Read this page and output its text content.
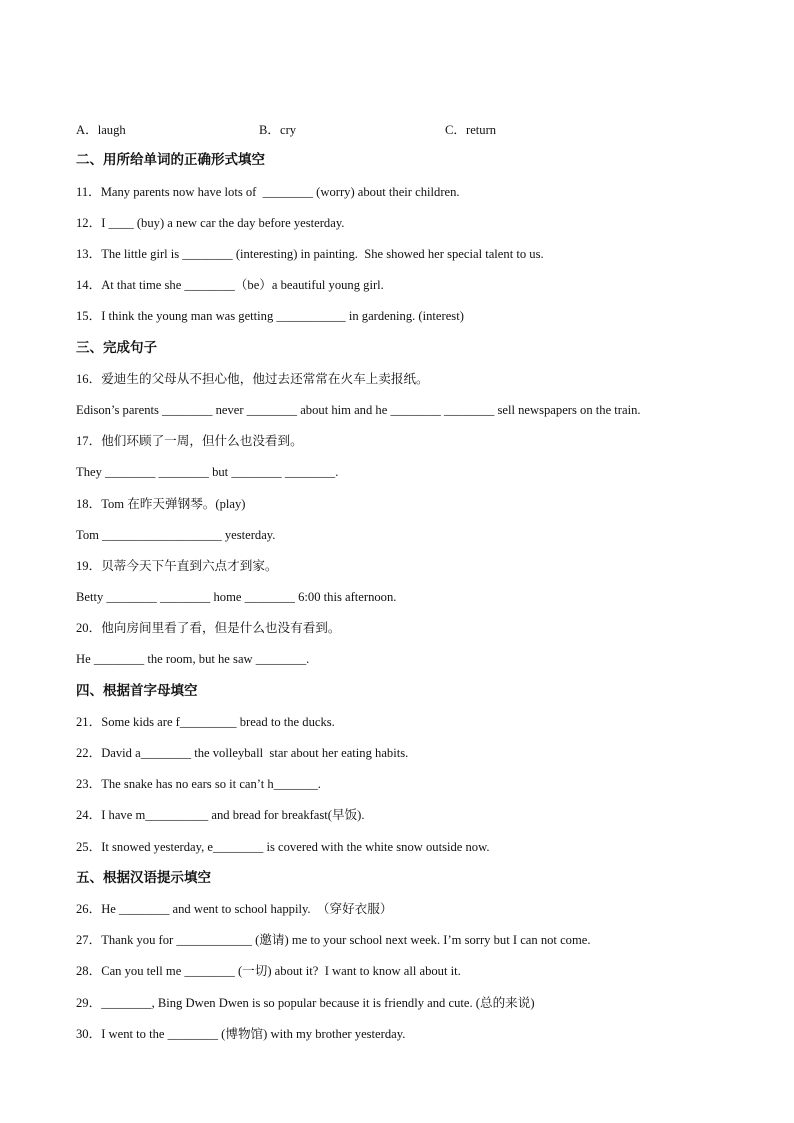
A．laugh	B．cry	C．return
二、用所给单词的正确形式填空
11．Many parents now have lots of  ________ (worry) about their children.
12．I ____ (buy) a new car the day before yesterday.
13．The little girl is ________ (interesting) in painting.  She showed her special talent to us.
14．At that time she ________（be）a beautiful young girl.
15．I think the young man was getting ___________ in gardening. (interest)
三、完成句子
16．爱迪生的父母从不担心他，他过去还常常在火车上卖报纸。
Edison’s parents ________ never ________ about him and he ________ ________ sell newspapers on the train.
17．他们环顾了一周，但什么也没看到。
They ________ ________ but ________ ________.
18．Tom 在昨天弹钢琴。(play)
Tom ___________________ yesterday.
19．贝蒂今天下午直到六点才到家。
Betty ________ ________ home ________ 6:00 this afternoon.
20．他向房间里看了看，但是什么也没有看到。
He ________ the room, but he saw ________.
四、根据首字母填空
21．Some kids are f_________ bread to the ducks.
22．David a________ the volleyball  star about her eating habits.
23．The snake has no ears so it can’t h_______.
24．I have m__________ and bread for breakfast(早饭).
25．It snowed yesterday, e________ is covered with the white snow outside now.
五、根据汉语提示填空
26．He ________ and went to school happily.  （穿好衣服）
27．Thank you for ____________ (邀请) me to your school next week. I’m sorry but I can not come.
28．Can you tell me ________ (一切) about it?  I want to know all about it.
29．________, Bing Dwen Dwen is so popular because it is friendly and cute. (总的来说)
30．I went to the ________ (博物馆) with my brother yesterday.
